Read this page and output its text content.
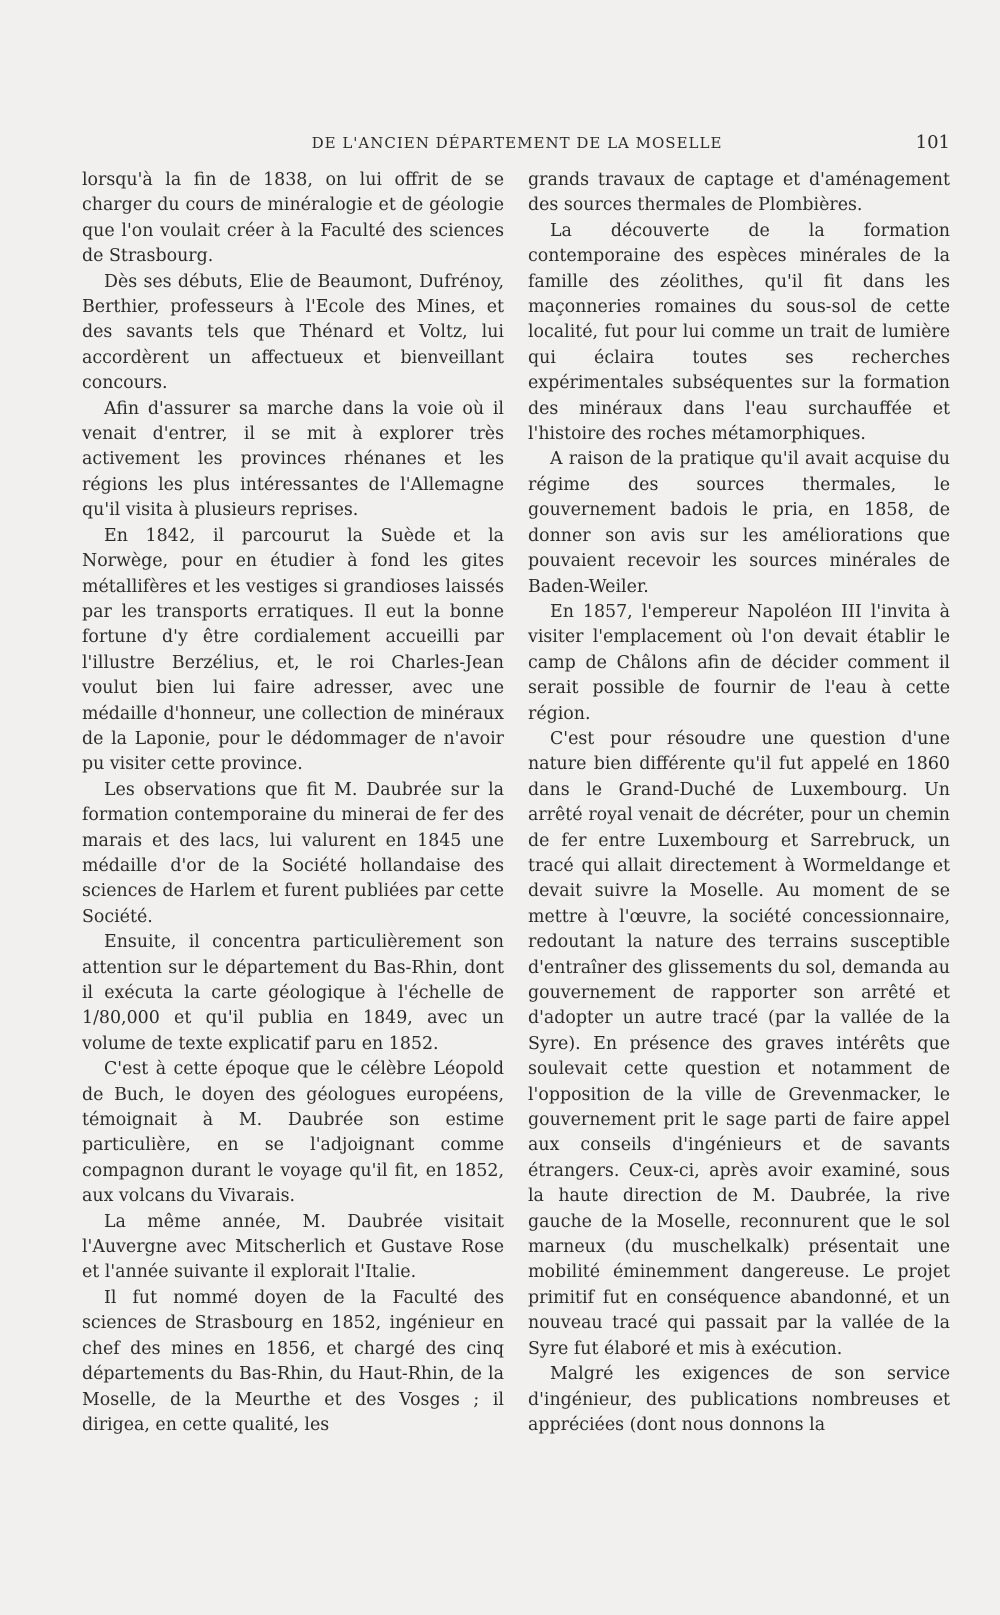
DE L'ANCIEN DÉPARTEMENT DE LA MOSELLE	101

lorsqu'à la fin de 1838, on lui offrit de se charger du cours de minéralogie et de géologie que l'on voulait créer à la Faculté des sciences de Strasbourg.

Dès ses débuts, Elie de Beaumont, Dufrénoy, Berthier, professeurs à l'Ecole des Mines, et des savants tels que Thénard et Voltz, lui accordèrent un affectueux et bienveillant concours.

Afin d'assurer sa marche dans la voie où il venait d'entrer, il se mit à explorer très activement les provinces rhénanes et les régions les plus intéressantes de l'Allemagne qu'il visita à plusieurs reprises.

En 1842, il parcourut la Suède et la Norwège, pour en étudier à fond les gites métallifères et les vestiges si grandioses laissés par les transports erratiques. Il eut la bonne fortune d'y être cordialement accueilli par l'illustre Berzélius, et, le roi Charles-Jean voulut bien lui faire adresser, avec une médaille d'honneur, une collection de minéraux de la Laponie, pour le dédommager de n'avoir pu visiter cette province.

Les observations que fit M. Daubrée sur la formation contemporaine du minerai de fer des marais et des lacs, lui valurent en 1845 une médaille d'or de la Société hollandaise des sciences de Harlem et furent publiées par cette Société.

Ensuite, il concentra particulièrement son attention sur le département du Bas-Rhin, dont il exécuta la carte géologique à l'échelle de 1/80,000 et qu'il publia en 1849, avec un volume de texte explicatif paru en 1852.

C'est à cette époque que le célèbre Léopold de Buch, le doyen des géologues européens, témoignait à M. Daubrée son estime particulière, en se l'adjoignant comme compagnon durant le voyage qu'il fit, en 1852, aux volcans du Vivarais.

La même année, M. Daubrée visitait l'Auvergne avec Mitscherlich et Gustave Rose et l'année suivante il explorait l'Italie.

Il fut nommé doyen de la Faculté des sciences de Strasbourg en 1852, ingénieur en chef des mines en 1856, et chargé des cinq départements du Bas-Rhin, du Haut-Rhin, de la Moselle, de la Meurthe et des Vosges ; il dirigea, en cette qualité, les

grands travaux de captage et d'aménagement des sources thermales de Plombières.

La découverte de la formation contemporaine des espèces minérales de la famille des zéolithes, qu'il fit dans les maçonneries romaines du sous-sol de cette localité, fut pour lui comme un trait de lumière qui éclaira toutes ses recherches expérimentales subséquentes sur la formation des minéraux dans l'eau surchauffée et l'histoire des roches métamorphiques.

A raison de la pratique qu'il avait acquise du régime des sources thermales, le gouvernement badois le pria, en 1858, de donner son avis sur les améliorations que pouvaient recevoir les sources minérales de Baden-Weiler.

En 1857, l'empereur Napoléon III l'invita à visiter l'emplacement où l'on devait établir le camp de Châlons afin de décider comment il serait possible de fournir de l'eau à cette région.

C'est pour résoudre une question d'une nature bien différente qu'il fut appelé en 1860 dans le Grand-Duché de Luxembourg. Un arrêté royal venait de décréter, pour un chemin de fer entre Luxembourg et Sarrebruck, un tracé qui allait directement à Wormeldange et devait suivre la Moselle. Au moment de se mettre à l'œuvre, la société concessionnaire, redoutant la nature des terrains susceptible d'entraîner des glissements du sol, demanda au gouvernement de rapporter son arrêté et d'adopter un autre tracé (par la vallée de la Syre). En présence des graves intérêts que soulevait cette question et notamment de l'opposition de la ville de Grevenmacker, le gouvernement prit le sage parti de faire appel aux conseils d'ingénieurs et de savants étrangers. Ceux-ci, après avoir examiné, sous la haute direction de M. Daubrée, la rive gauche de la Moselle, reconnurent que le sol marneux (du muschelkalk) présentait une mobilité éminemment dangereuse. Le projet primitif fut en conséquence abandonné, et un nouveau tracé qui passait par la vallée de la Syre fut élaboré et mis à exécution.

Malgré les exigences de son service d'ingénieur, des publications nombreuses et appréciées (dont nous donnons la
